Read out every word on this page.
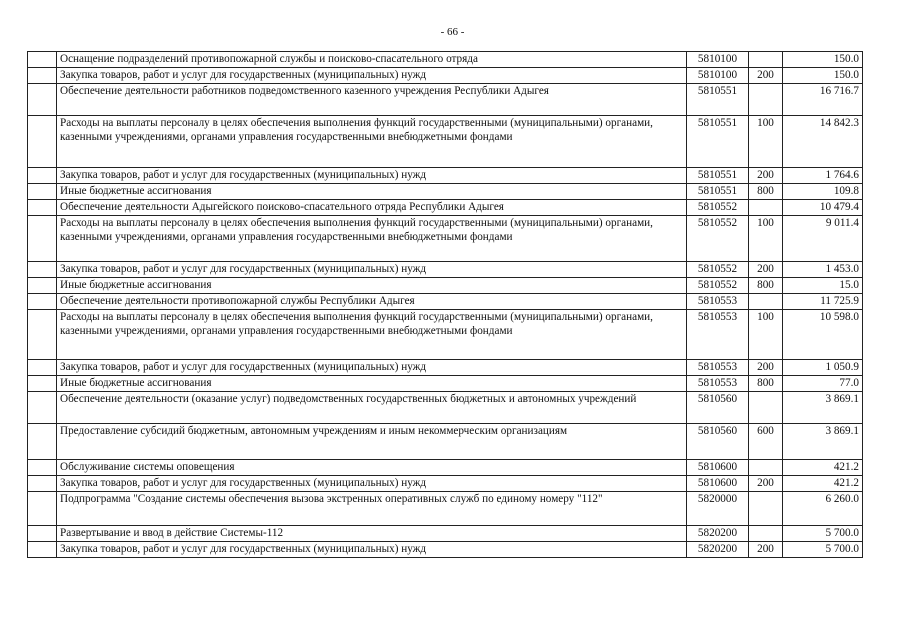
- 66 -
	Оснащение подразделений противопожарной службы и поисково-спасательного отряда	5810100		150.0
	Закупка товаров, работ и услуг для государственных (муниципальных) нужд	5810100	200	150.0
	Обеспечение деятельности работников подведомственного казенного учреждения Республики Адыгея	5810551		16 716.7
	Расходы на выплаты персоналу в целях обеспечения выполнения функций государственными (муниципальными) органами, казенными учреждениями, органами управления государственными внебюджетными фондами	5810551	100	14 842.3
	Закупка товаров, работ и услуг для государственных (муниципальных) нужд	5810551	200	1 764.6
	Иные бюджетные ассигнования	5810551	800	109.8
	Обеспечение деятельности Адыгейского поисково-спасательного отряда Республики Адыгея	5810552		10 479.4
	Расходы на выплаты персоналу в целях обеспечения выполнения функций государственными (муниципальными) органами, казенными учреждениями, органами управления государственными внебюджетными фондами	5810552	100	9 011.4
	Закупка товаров, работ и услуг для государственных (муниципальных) нужд	5810552	200	1 453.0
	Иные бюджетные ассигнования	5810552	800	15.0
	Обеспечение деятельности противопожарной службы Республики Адыгея	5810553		11 725.9
	Расходы на выплаты персоналу в целях обеспечения выполнения функций государственными (муниципальными) органами, казенными учреждениями, органами управления государственными внебюджетными фондами	5810553	100	10 598.0
	Закупка товаров, работ и услуг для государственных (муниципальных) нужд	5810553	200	1 050.9
	Иные бюджетные ассигнования	5810553	800	77.0
	Обеспечение деятельности (оказание услуг) подведомственных государственных бюджетных и автономных учреждений	5810560		3 869.1
	Предоставление субсидий бюджетным, автономным учреждениям и иным некоммерческим организациям	5810560	600	3 869.1
	Обслуживание системы оповещения	5810600		421.2
	Закупка товаров, работ и услуг для государственных (муниципальных) нужд	5810600	200	421.2
	Подпрограмма "Создание системы обеспечения вызова экстренных оперативных служб по единому номеру "112"	5820000		6 260.0
	Развертывание и ввод в действие Системы-112	5820200		5 700.0
	Закупка товаров, работ и услуг для государственных (муниципальных) нужд	5820200	200	5 700.0
